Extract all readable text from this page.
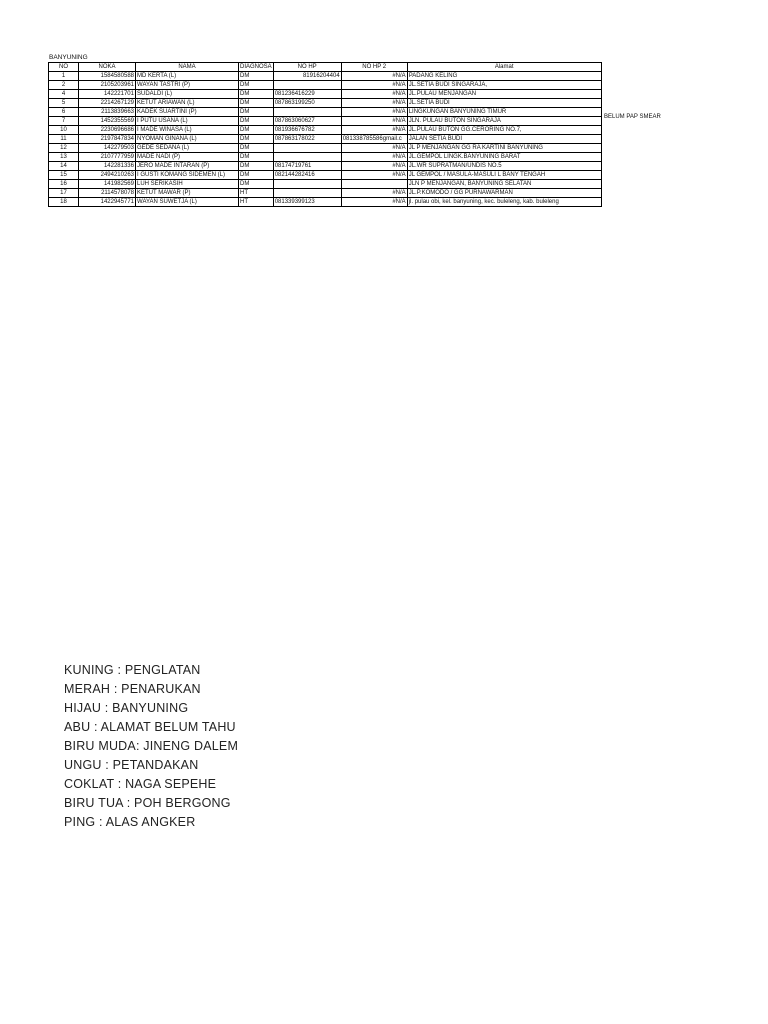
BANYUNING
NO	NOKA	NAMA	DIAGNOSA	NO HP	NO HP 2	Alamat
1	1584580588	MD KERTA (L)	DM	81916204404	#N/A	PADANG KELING
2	2105203961	WAYAN TASTRI (P)	DM		#N/A	JL.SETIA BUDI SINGARAJA,
4	142221701	SUDALDI (L)	DM	081236416229	#N/A	JL.PULAU MENJANGAN
5	2214267129	KETUT ARIAWAN (L)	DM	087863199250	#N/A	JL.SETIA BUDI
6	2113839663	KADEK SUARTINI (P)	DM		#N/A	LINGKUNGAN BANYUNING TIMUR
7	1452355569	I PUTU USANA (L)	DM	087863060627	#N/A	JLN. PULAU BUTON SINGARAJA
10	2230696686	I MADE WINASA (L)	DM	081936676782	#N/A	JL.PULAU BUTON GG.CERORING NO.7,
11	2197847834	NYOMAN GINANA (L)	DM	087863178022	081338785586gmail.c	JALAN SETIA BUDI
12	142279503	GEDE SEDANA (L)	DM		#N/A	JL P MENJANGAN GG RA KARTINI BANYUNING
13	2107777959	MADE NADI (P)	DM		#N/A	JL.GEMPOL LINGK.BANYUNING BARAT
14	142281336	JERO MADE INTARAN (P)	DM	08174719761	#N/A	JL.WR SUPRATMAN/UNDIS NO.5
15	2494210263	I GUSTI KOMANG SIDEMEN (L)	DM	082144282416	#N/A	JL GEMPOL / MASULA-MASULI L BANY TENGAH
16	141982569	LUH SERIKASIH	DM			JLN P MENJANGAN, BANYUNING SELATAN
17	2114578078	KETUT MAWAR (P)	HT		#N/A	JL.P.KOMODO / GG PURNAWARMAN
18	1422945771	WAYAN SUWETJA (L)	HT	081339399123	#N/A	jl. pulau obi, kel. banyuning, kec. buleleng, kab. buleleng
BELUM PAP SMEAR
KUNING : PENGLATAN
MERAH : PENARUKAN
HIJAU : BANYUNING
ABU : ALAMAT BELUM TAHU
BIRU MUDA: JINENG DALEM
UNGU : PETANDAKAN
COKLAT : NAGA SEPEHE
BIRU TUA : POH BERGONG
PING : ALAS ANGKER
